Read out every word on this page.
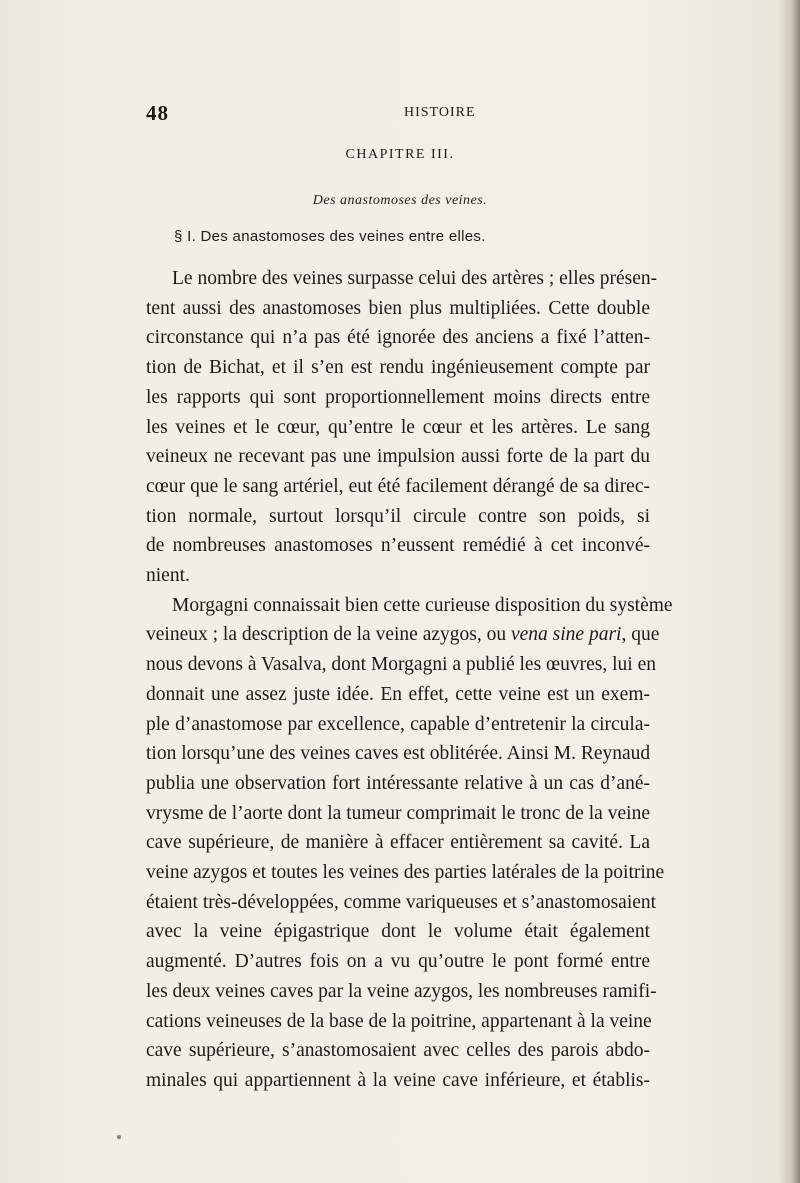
48	HISTOIRE
CHAPITRE III.
Des anastomoses des veines.
§ I. Des anastomoses des veines entre elles.
Le nombre des veines surpasse celui des artères ; elles présen-
tent aussi des anastomoses bien plus multipliées. Cette double
circonstance qui n’a pas été ignorée des anciens a fixé l’atten-
tion de Bichat, et il s’en est rendu ingénieusement compte par
les rapports qui sont proportionnellement moins directs entre
les veines et le cœur, qu’entre le cœur et les artères. Le sang
veineux ne recevant pas une impulsion aussi forte de la part du
cœur que le sang artériel, eut été facilement dérangé de sa direc-
tion normale, surtout lorsqu’il circule contre son poids, si
de nombreuses anastomoses n’eussent remédié à cet inconvé-
nient.
Morgagni connaissait bien cette curieuse disposition du système
veineux ; la description de la veine azygos, ou vena sine pari, que
nous devons à Vasalva, dont Morgagni a publié les œuvres, lui en
donnait une assez juste idée. En effet, cette veine est un exem-
ple d’anastomose par excellence, capable d’entretenir la circula-
tion lorsqu’une des veines caves est oblitérée. Ainsi M. Reynaud
publia une observation fort intéressante relative à un cas d’ané-
vrysme de l’aorte dont la tumeur comprimait le tronc de la veine
cave supérieure, de manière à effacer entièrement sa cavité. La
veine azygos et toutes les veines des parties latérales de la poitrine
étaient très-développées, comme variqueuses et s’anastomosaient
avec la veine épigastrique dont le volume était également
augmenté. D’autres fois on a vu qu’outre le pont formé entre
les deux veines caves par la veine azygos, les nombreuses ramifi-
cations veineuses de la base de la poitrine, appartenant à la veine
cave supérieure, s’anastomosaient avec celles des parois abdo-
minales qui appartiennent à la veine cave inférieure, et établis-
